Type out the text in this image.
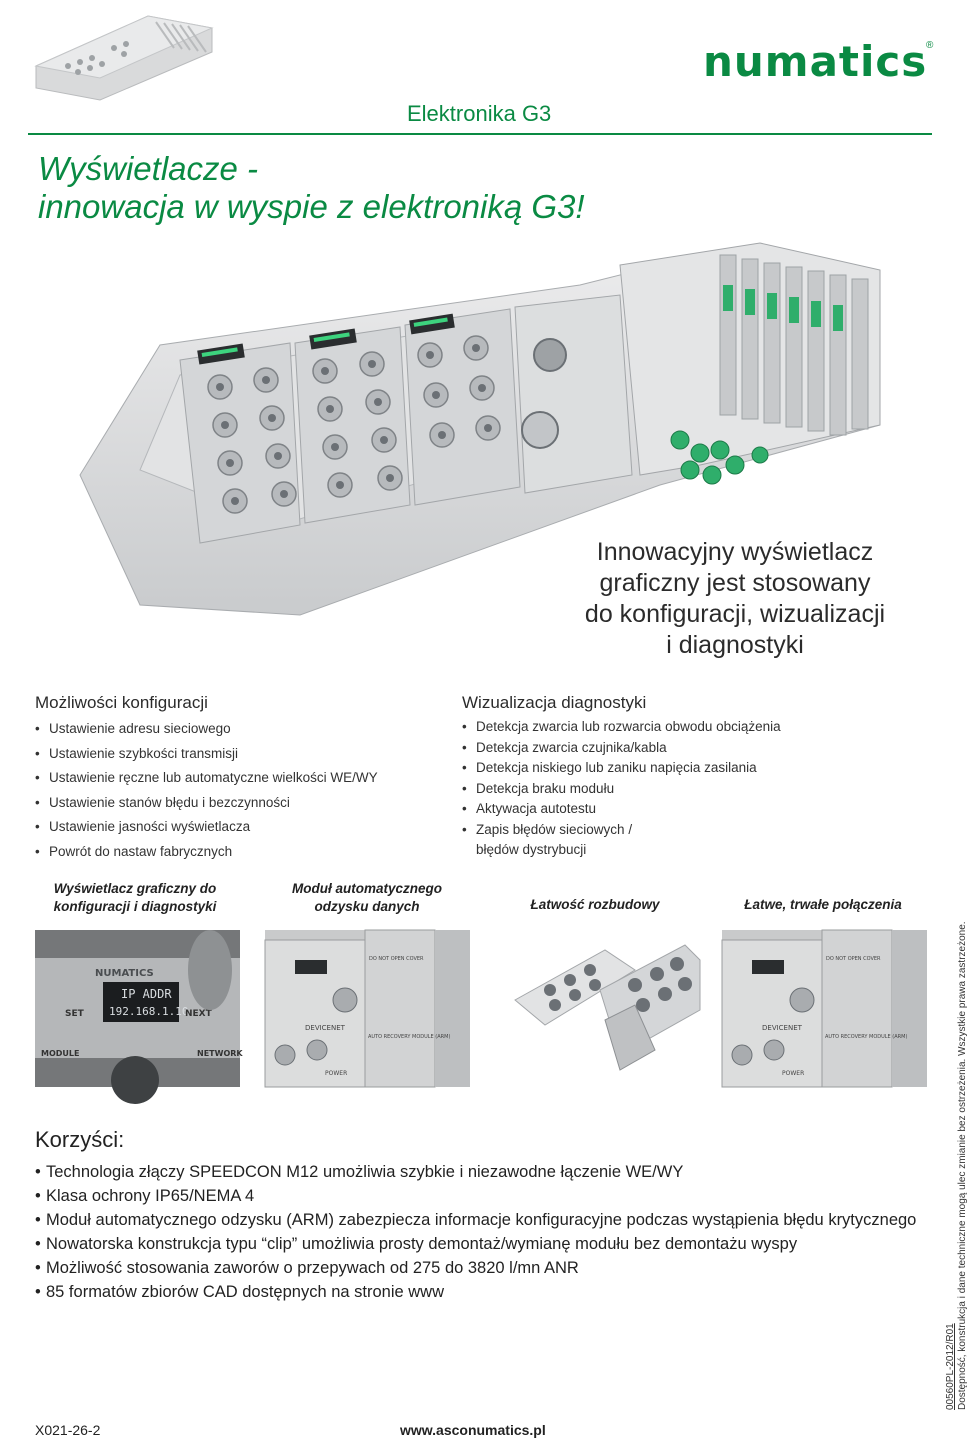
numatics
®
Elektronika G3
Wyświetlacze -
innowacja w wyspie z elektroniką G3!
Innowacyjny wyświetlacz
graficzny jest stosowany
do konfiguracji, wizualizacji
i diagnostyki
Możliwości konfiguracji
• Ustawienie adresu sieciowego
• Ustawienie szybkości transmisji
• Ustawienie ręczne lub automatyczne wielkości WE/WY
• Ustawienie stanów błędu i bezczynności
• Ustawienie jasności wyświetlacza
• Powrót do nastaw fabrycznych
Wizualizacja diagnostyki
• Detekcja zwarcia lub rozwarcia obwodu obciążenia
• Detekcja zwarcia czujnika/kabla
• Detekcja niskiego lub zaniku napięcia zasilania
• Detekcja braku modułu
• Aktywacja autotestu
• Zapis błędów sieciowych /
błędów dystrybucji
Wyświetlacz graficzny do
konfiguracji i diagnostyki
Moduł automatycznego
odzysku danych	Łatwość rozbudowy	Łatwe, trwałe połączenia
NUMATICS
IP ADDR
192.168.1.10
SET	NEXT
MODULE	NETWORK
DEVICENET
AUTO RECOVERY MODULE (ARM)
DO NOT OPEN COVER
POWER
DEVICENET
AUTO RECOVERY MODULE (ARM)
DO NOT OPEN COVER
POWER
Korzyści:
• Technologia złączy SPEEDCON M12 umożliwia szybkie i niezawodne łączenie WE/WY
• Klasa ochrony IP65/NEMA 4
• Moduł automatycznego odzysku (ARM) zabezpiecza informacje konfiguracyjne podczas wystąpienia błędu krytycznego
• Nowatorska konstrukcja typu “clip” umożliwia prosty demontaż/wymianę modułu bez demontażu wyspy
• Możliwość stosowania zaworów o przepywach od 275 do 3820 l/mn ANR
• 85 formatów zbiorów CAD dostępnych na stronie www
X021-26-2	www.asconumatics.pl
00560PL-2012/R01 Dostępność, konstrukcja i dane techniczne mogą ulec zmianie bez ostrzeżenia. Wszystkie prawa zastrzeżone.
